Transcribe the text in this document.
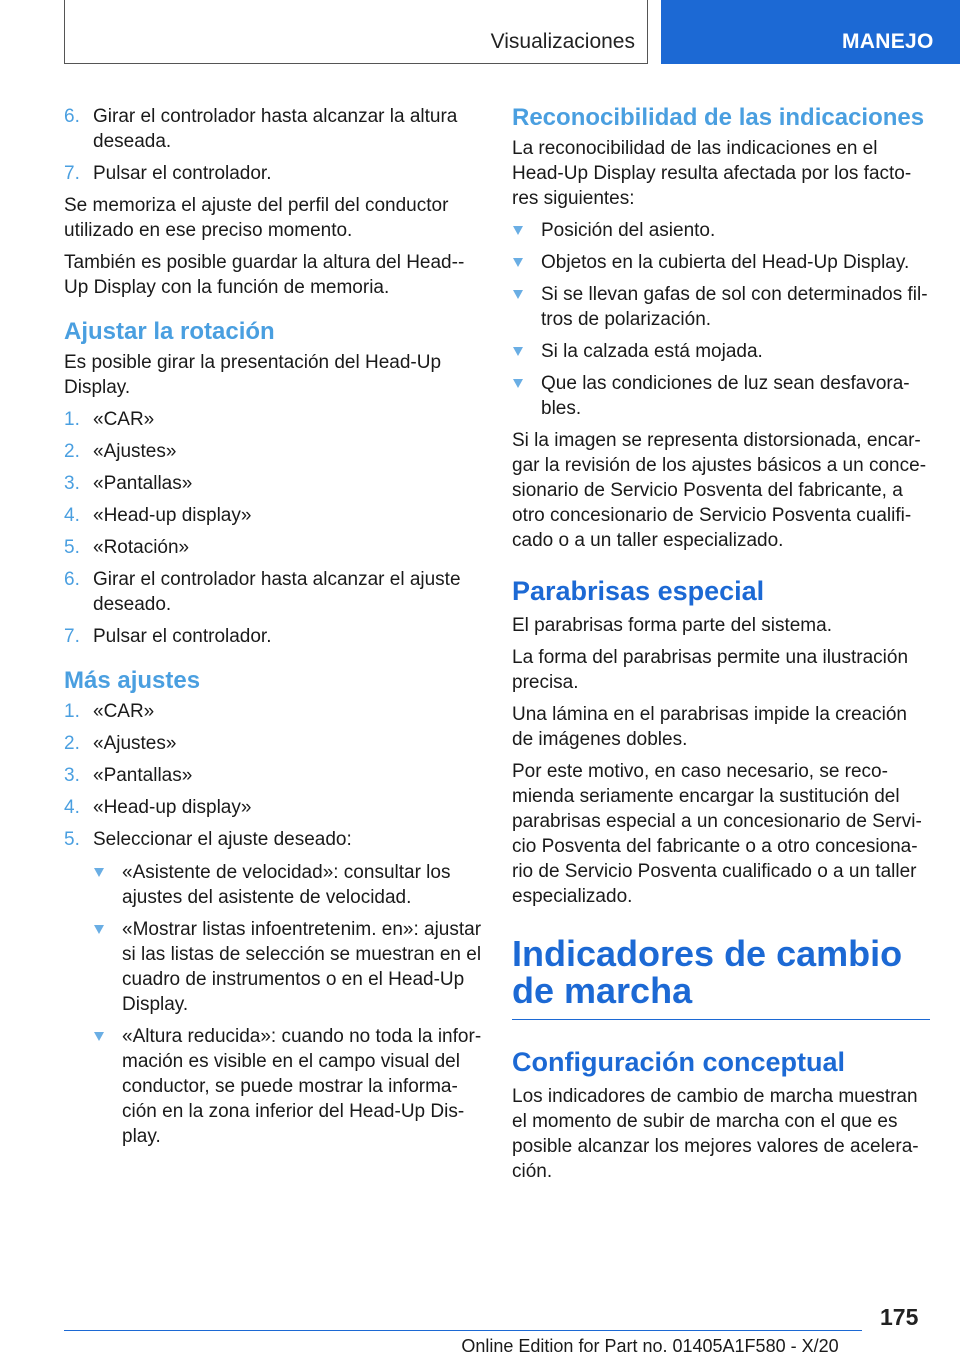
Visualizaciones	MANEJO
6. Girar el controlador hasta alcanzar la altura deseada.
7. Pulsar el controlador.

Se memoriza el ajuste del perfil del conductor utilizado en ese preciso momento.

También es posible guardar la altura del Head-​-Up Display con la función de memoria.

Ajustar la rotación

Es posible girar la presentación del Head-Up Display.

1. «CAR»
2. «Ajustes»
3. «Pantallas»
4. «Head-up display»
5. «Rotación»
6. Girar el controlador hasta alcanzar el ajuste deseado.
7. Pulsar el controlador.
Más ajustes
1. «CAR»
2. «Ajustes»
3. «Pantallas»
4. «Head-up display»
5. Seleccionar el ajuste deseado:
«Asistente de velocidad»: consultar los ajustes del asistente de velocidad.
«Mostrar listas infoentretenim. en»: ajustar si las listas de selección se muestran en el cuadro de instrumentos o en el Head-Up Display.
«Altura reducida»: cuando no toda la información es visible en el campo visual del conductor, se puede mostrar la información en la zona inferior del Head-Up Display.
Reconocibilidad de las indicaciones

La reconocibilidad de las indicaciones en el Head-Up Display resulta afectada por los factores siguientes:

Posición del asiento.
Objetos en la cubierta del Head-Up Display.
Si se llevan gafas de sol con determinados filtros de polarización.
Si la calzada está mojada.
Que las condiciones de luz sean desfavorables.

Si la imagen se representa distorsionada, encargar la revisión de los ajustes básicos a un concesionario de Servicio Posventa del fabricante, a otro concesionario de Servicio Posventa cualificado o a un taller especializado.

Parabrisas especial

El parabrisas forma parte del sistema.

La forma del parabrisas permite una ilustración precisa.

Una lámina en el parabrisas impide la creación de imágenes dobles.

Por este motivo, en caso necesario, se recomienda seriamente encargar la sustitución del parabrisas especial a un concesionario de Servicio Posventa del fabricante o a otro concesionario de Servicio Posventa cualificado o a un taller especializado.

Indicadores de cambio de marcha
Configuración conceptual

Los indicadores de cambio de marcha muestran el momento de subir de marcha con el que es posible alcanzar los mejores valores de aceleración.

175
Online Edition for Part no. 01405A1F580 - X/20
